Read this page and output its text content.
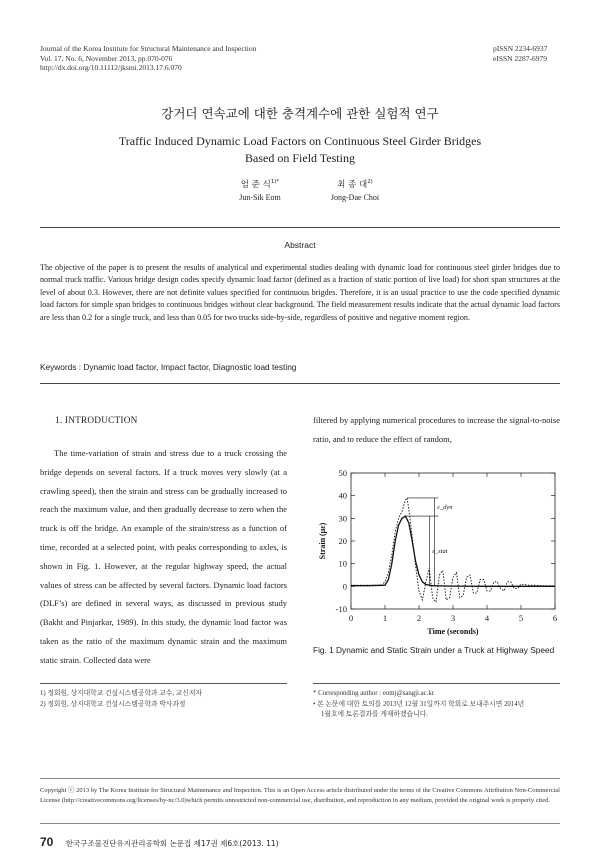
Journal of the Korea Institute for Structural Maintenance and Inspection
Vol. 17, No. 6, November 2013, pp.070-076
http://dx.doi.org/10.11112/jksmi.2013.17.6.070
pISSN 2234-6937
eISSN 2287-6979
강거더 연속교에 대한 충격계수에 관한 실험적 연구
Traffic Induced Dynamic Load Factors on Continuous Steel Girder Bridges
Based on Field Testing
엄 준 식$^{1)*}$
Jun-Sik Eom
최 종 대$^{2)}$
Jong-Dae Choi
Abstract
The objective of the paper is to present the results of analytical and experimental studies dealing with dynamic load for continuous steel girder bridges due to normal truck traffic. Various bridge design codes specify dynamic load factor (defined as a fraction of static portion of live load) for short span structures at the level of about 0.3. However, there are not definite values specified for continuous brigdes. Therefore, it is an usual practice to use the code specified dynamic load factors for simple span bridges to continuous bridges without clear background. The field measurement results indicate that the actual dynamic load factors are less than 0.2 for a single truck, and less than 0.05 for two trucks side-by-side, regardless of positive and negative moment region.
Keywords : Dynamic load factor, Impact factor, Diagnostic load testing
1. INTRODUCTION

The time-variation of strain and stress due to a truck crossing the bridge depends on several factors. If a truck moves very slowly (at a crawling speed), then the strain and stress can be gradually increased to reach the maximum value, and then gradually decrease to zero when the truck is off the bridge. An example of the strain/stress as a function of time, recorded at a selected point, with peaks corresponding to axles, is shown in Fig. 1. However, at the regular highway speed, the actual values of stress can be affected by several factors. Dynamic load factors (DLF’s) are defined in several ways, as discussed in previous study (Bakht and Pinjarkar, 1989). In this study, the dynamic load factor was taken as the ratio of the maximum dynamic strain and the maximum static strain. Collected data were

filtered by applying numerical procedures to increase the signal-to-noise ratio, and to reduce the effect of random,

-10
0
10
20
30
40
50
0	1	2	3	4	5	6
Time (seconds)
Strain (με)
ε_dyn
ε_stat
Fig. 1 Dynamic and Static Strain under a Truck at Highway Speed
1) 정회원, 상지대학교 건설시스템공학과 교수, 교신저자
2) 정회원, 상지대학교 건설시스템공학과 박사과정
* Corresponding author : eomj@sangji.ac.kr
• 본 논문에 대한 토의를 2013년 12월 31일까지 학회로 보내주시면 2014년
1월호에 토론결과를 게재하겠습니다.
Copyright ⓒ 2013 by The Korea Institute for Structural Maintenance and Inspection. This is an Open Access article distributed under the terms of the Creative Commons Attribution Non-Commercial License (http://creativecommons.org/licenses/by-nc/3.0)which permits unrestricted non-commercial use, distribution, and reproduction in any medium, provided the original work is properly cited.
70 한국구조물진단유지관리공학회 논문집 제17권 제6호(2013. 11)
